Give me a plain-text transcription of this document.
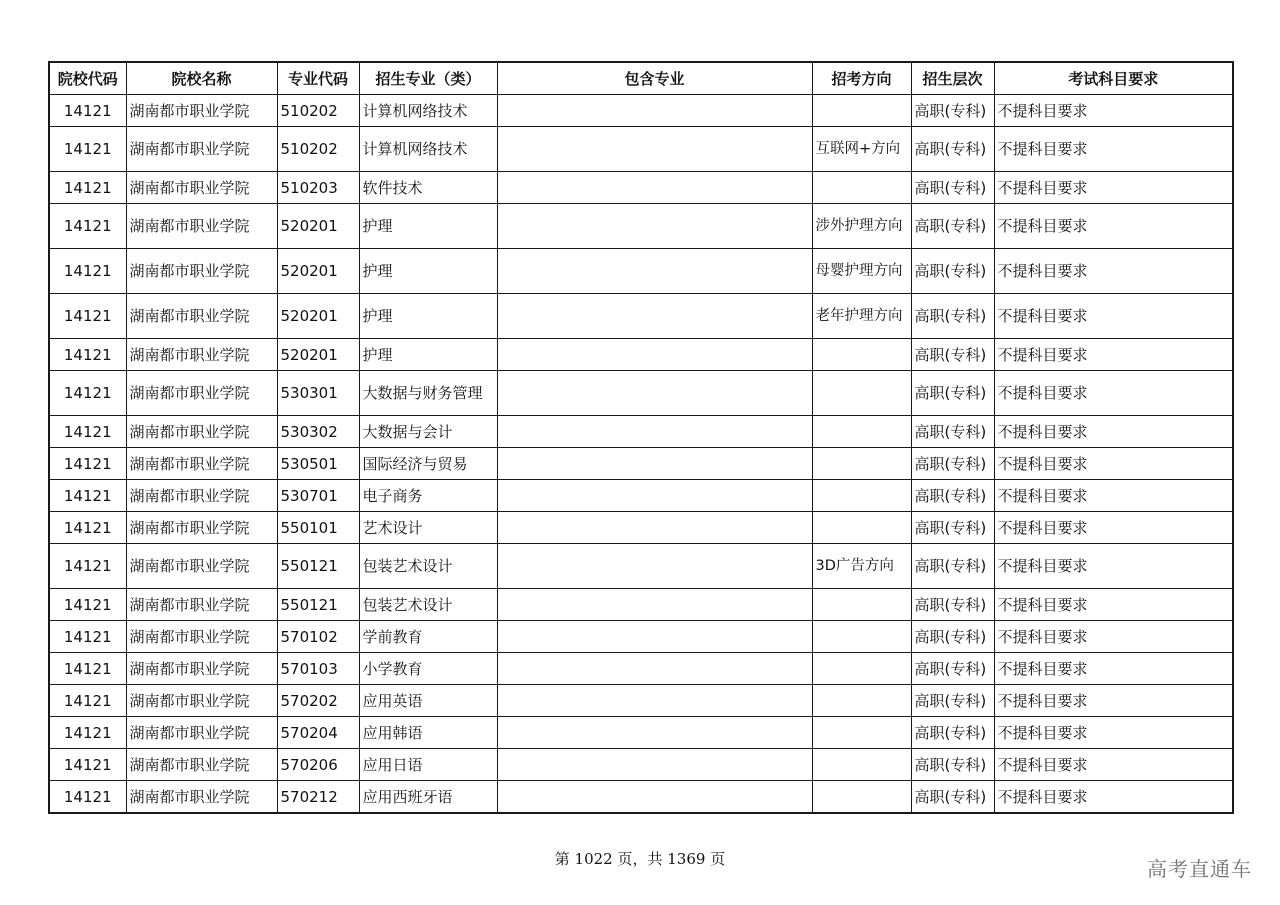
院校代码	院校名称	专业代码	招生专业（类）	包含专业	招考方向	招生层次	考试科目要求
14121	湖南都市职业学院	510202	计算机网络技术			高职(专科)	不提科目要求
14121	湖南都市职业学院	510202	计算机网络技术		互联网+方向	高职(专科)	不提科目要求
14121	湖南都市职业学院	510203	软件技术			高职(专科)	不提科目要求
14121	湖南都市职业学院	520201	护理		涉外护理方向	高职(专科)	不提科目要求
14121	湖南都市职业学院	520201	护理		母婴护理方向	高职(专科)	不提科目要求
14121	湖南都市职业学院	520201	护理		老年护理方向	高职(专科)	不提科目要求
14121	湖南都市职业学院	520201	护理			高职(专科)	不提科目要求
14121	湖南都市职业学院	530301	大数据与财务管理			高职(专科)	不提科目要求
14121	湖南都市职业学院	530302	大数据与会计			高职(专科)	不提科目要求
14121	湖南都市职业学院	530501	国际经济与贸易			高职(专科)	不提科目要求
14121	湖南都市职业学院	530701	电子商务			高职(专科)	不提科目要求
14121	湖南都市职业学院	550101	艺术设计			高职(专科)	不提科目要求
14121	湖南都市职业学院	550121	包装艺术设计		3D广告方向	高职(专科)	不提科目要求
14121	湖南都市职业学院	550121	包装艺术设计			高职(专科)	不提科目要求
14121	湖南都市职业学院	570102	学前教育			高职(专科)	不提科目要求
14121	湖南都市职业学院	570103	小学教育			高职(专科)	不提科目要求
14121	湖南都市职业学院	570202	应用英语			高职(专科)	不提科目要求
14121	湖南都市职业学院	570204	应用韩语			高职(专科)	不提科目要求
14121	湖南都市职业学院	570206	应用日语			高职(专科)	不提科目要求
14121	湖南都市职业学院	570212	应用西班牙语			高职(专科)	不提科目要求
第 1022 页，共 1369 页	高考直通车
